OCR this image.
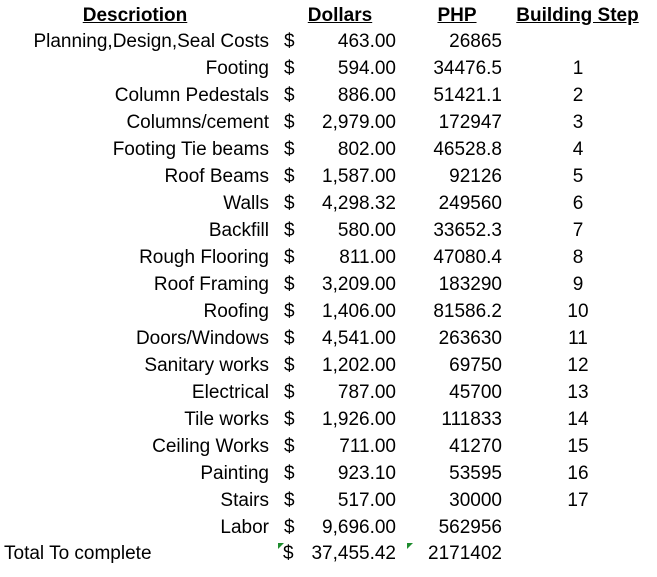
Descriotion	Dollars	PHP	Building Step
Planning,Design,Seal Costs $	463.00	26865
Footing $	594.00	34476.5	1
Column Pedestals $	886.00	51421.1	2
Columns/cement $	2,979.00	172947	3
Footing Tie beams $	802.00	46528.8	4
Roof Beams $	1,587.00	92126	5
Walls $	4,298.32	249560	6
Backfill $	580.00	33652.3	7
Rough Flooring $	811.00	47080.4	8
Roof Framing $	3,209.00	183290	9
Roofing $	1,406.00	81586.2	10
Doors/Windows $	4,541.00	263630	11
Sanitary works $	1,202.00	69750	12
Electrical $	787.00	45700	13
Tile works $	1,926.00	111833	14
Ceiling Works $	711.00	41270	15
Painting $	923.10	53595	16
Stairs $	517.00	30000	17
Labor $	9,696.00	562956
Total To complete	$ 37,455.42	2171402
